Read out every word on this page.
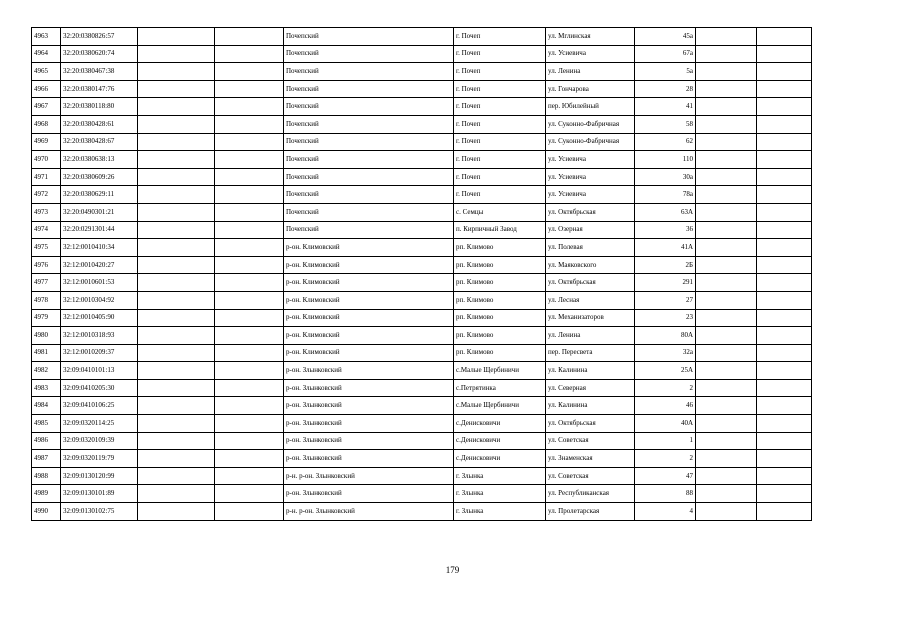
4963	32:20:0380826:57			Почепский	г. Почеп	ул. Мглинская	45а		
4964	32:20:0380620:74			Почепский	г. Почеп	ул. Усиевича	67а		
4965	32:20:0380467:38			Почепский	г. Почеп	ул. Ленина	5а		
4966	32:20:0380147:76			Почепский	г. Почеп	ул. Гончарова	28		
4967	32:20:0380118:80			Почепский	г. Почеп	пер. Юбилейный	41		
4968	32:20:0380428:61			Почепский	г. Почеп	ул. Суконно-Фабричная	58		
4969	32:20:0380428:67			Почепский	г. Почеп	ул. Суконно-Фабричная	62		
4970	32:20:0380638:13			Почепский	г. Почеп	ул. Усиевича	110		
4971	32:20:0380609:26			Почепский	г. Почеп	ул. Усиевича	30а		
4972	32:20:0380629:11			Почепский	г. Почеп	ул. Усиевича	78а		
4973	32:20:0490301:21			Почепский	с. Семцы	ул. Октябрьская	63А		
4974	32:20:0291301:44			Почепский	п. Кирпичный Завод	ул. Озерная	36		
4975	32:12:0010410:34			р-он. Климовский	рп. Климово	ул. Полевая	41А		
4976	32:12:0010420:27			р-он. Климовский	рп. Климово	ул. Маяковского	2Б		
4977	32:12:0010601:53			р-он. Климовский	рп. Климово	ул. Октябрьская	291		
4978	32:12:0010304:92			р-он. Климовский	рп. Климово	ул. Лесная	27		
4979	32:12:0010405:90			р-он. Климовский	рп. Климово	ул. Механизаторов	23		
4980	32:12:0010318:93			р-он. Климовский	рп. Климово	ул. Ленина	80А		
4981	32:12:0010209:37			р-он. Климовский	рп. Климово	пер. Пересвета	32а		
4982	32:09:0410101:13			р-он. Злынковский	с.Малые Щербиничи	ул. Калинина	25А		
4983	32:09:0410205:30			р-он. Злынковский	с.Петрятинка	ул. Северная	2		
4984	32:09:0410106:25			р-он. Злынковский	с.Малые Щербиничи	ул. Калинина	46		
4985	32:09:0320114:25			р-он. Злынковский	с.Денисковичи	ул. Октябрьская	40А		
4986	32:09:0320109:39			р-он. Злынковский	с.Денисковичи	ул. Советская	1		
4987	32:09:0320119:79			р-он. Злынковский	с.Денисковичи	ул. Знаменская	2		
4988	32:09:0130120:99			р-н. р-он. Злынковский	г. Злынка	ул. Советская	47		
4989	32:09:0130101:89			р-он. Злынковский	г. Злынка	ул. Республиканская	88		
4990	32:09:0130102:75			р-н. р-он. Злынковский	г. Злынка	ул. Пролетарская	4		
179
